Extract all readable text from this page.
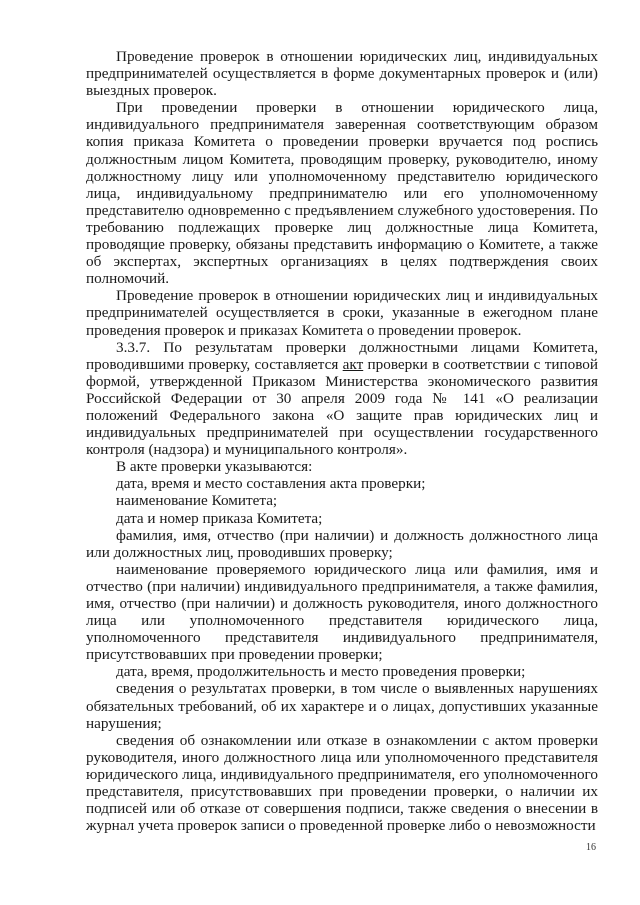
Проведение проверок в отношении юридических лиц, индивидуальных предпринимателей осуществляется в форме документарных проверок и (или) выездных проверок.

При проведении проверки в отношении юридического лица, индивидуального предпринимателя заверенная соответствующим образом копия приказа Комитета о проведении проверки вручается под роспись должностным лицом Комитета, проводящим проверку, руководителю, иному должностному лицу или уполномоченному представителю юридического лица, индивидуальному предпринимателю или его уполномоченному представителю одновременно с предъявлением служебного удостоверения. По требованию подлежащих проверке лиц должностные лица Комитета, проводящие проверку, обязаны представить информацию о Комитете, а также об экспертах, экспертных организациях в целях подтверждения своих полномочий.

Проведение проверок в отношении юридических лиц и индивидуальных предпринимателей осуществляется в сроки, указанные в ежегодном плане проведения проверок и приказах Комитета о проведении проверок.

3.3.7. По результатам проверки должностными лицами Комитета, проводившими проверку, составляется акт проверки в соответствии с типовой формой, утвержденной Приказом Министерства экономического развития Российской Федерации от 30 апреля 2009 года № 141 «О реализации положений Федерального закона «О защите прав юридических лиц и индивидуальных предпринимателей при осуществлении государственного контроля (надзора) и муниципального контроля».

В акте проверки указываются:

дата, время и место составления акта проверки;

наименование Комитета;

дата и номер приказа Комитета;

фамилия, имя, отчество (при наличии) и должность должностного лица или должностных лиц, проводивших проверку;

наименование проверяемого юридического лица или фамилия, имя и отчество (при наличии) индивидуального предпринимателя, а также фамилия, имя, отчество (при наличии) и должность руководителя, иного должностного лица или уполномоченного представителя юридического лица, уполномоченного представителя индивидуального предпринимателя, присутствовавших при проведении проверки;

дата, время, продолжительность и место проведения проверки;

сведения о результатах проверки, в том числе о выявленных нарушениях обязательных требований, об их характере и о лицах, допустивших указанные нарушения;

сведения об ознакомлении или отказе в ознакомлении с актом проверки руководителя, иного должностного лица или уполномоченного представителя юридического лица, индивидуального предпринимателя, его уполномоченного представителя, присутствовавших при проведении проверки, о наличии их подписей или об отказе от совершения подписи, также сведения о внесении в журнал учета проверок записи о проведенной проверке либо о невозможности

16
